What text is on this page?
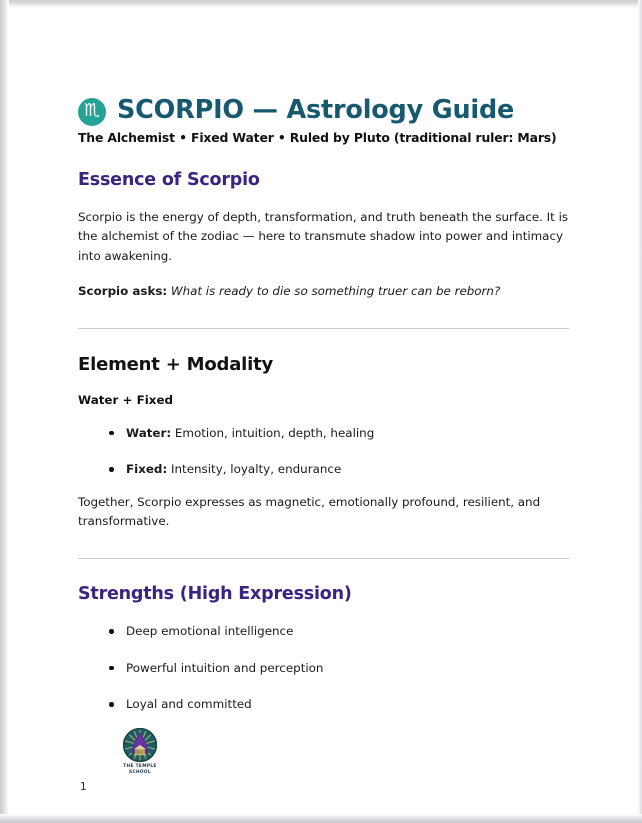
♏ SCORPIO — Astrology Guide

The Alchemist • Fixed Water • Ruled by Pluto (traditional ruler: Mars)

Essence of Scorpio

Scorpio is the energy of depth, transformation, and truth beneath the surface. It is the alchemist of the zodiac — here to transmute shadow into power and intimacy into awakening.

Scorpio asks: What is ready to die so something truer can be reborn?

Element + Modality

Water + Fixed

Water: Emotion, intuition, depth, healing
Fixed: Intensity, loyalty, endurance

Together, Scorpio expresses as magnetic, emotionally profound, resilient, and transformative.

Strengths (High Expression)
Deep emotional intelligence
Powerful intuition and perception
Loyal and committed
THE TEMPLE
SCHOOL
1
